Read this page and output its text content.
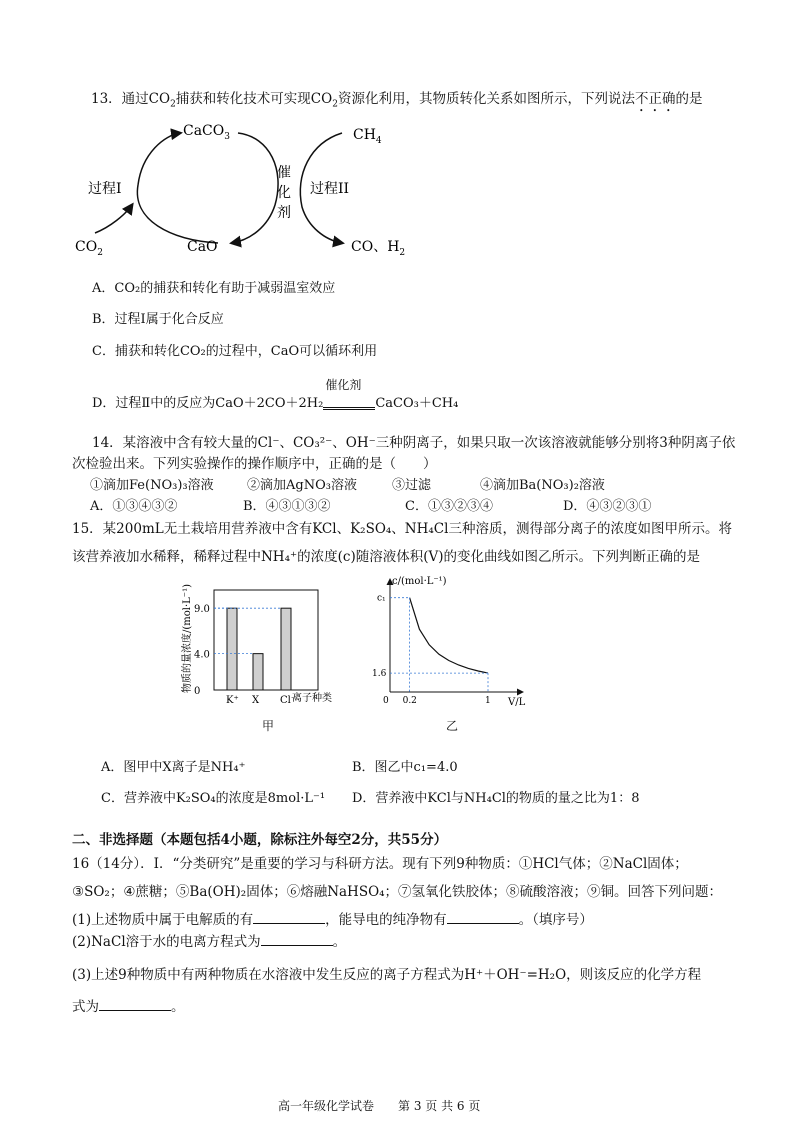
13．通过$CO_2$捕获和转化技术可实现$CO_2$资源化利用，其物质转化关系如图所示，下列说法不正确的是
CaCO$_3$	$CH_4$
过程I
催
化
剂
过程II
$CO_2$	CaO	CO、$H_2$
A．CO₂的捕获和转化有助于减弱温室效应
B．过程Ⅰ属于化合反应
C．捕获和转化CO₂的过程中，CaO可以循环利用
D．过程Ⅱ中的反应为CaO＋2CO＋2H₂
催化剂
CaCO₃＋CH₄
14．某溶液中含有较大量的Cl⁻、CO₃²⁻、OH⁻三种阴离子，如果只取一次该溶液就能够分别将3种阴离子依
次检验出来。下列实验操作的操作顺序中，正确的是（　　）
①滴加Fe(NO₃)₃溶液	②滴加AgNO₃溶液	③过滤	④滴加Ba(NO₃)₂溶液
A．①③④③②	B．④③①③②	C．①③②③④	D．④③②③①
15．某200mL无土栽培用营养液中含有KCl、K₂SO₄、NH₄Cl三种溶质，测得部分离子的浓度如图甲所示。将
该营养液加水稀释，稀释过程中NH₄⁺的浓度(c)随溶液体积(V)的变化曲线如图乙所示。下列判断正确的是
物质的量浓度/(mol·L⁻¹) 0
4.0
9.0
K⁺ X Cl⁻
离子种类
甲
c/(mol·L⁻¹)
V/L
c₁
1.6
0 0.2	1
乙
A．图甲中X离子是NH₄⁺	B．图乙中c₁=4.0
C．营养液中K₂SO₄的浓度是8mol·L⁻¹ D．营养液中KCl与NH₄Cl的物质的量之比为1：8
二、非选择题（本题包括4小题，除标注外每空2分，共55分）
16（14分）．Ⅰ．“分类研究”是重要的学习与科研方法。现有下列9种物质：①HCl气体；②NaCl固体；
③SO₂；④蔗糖；⑤Ba(OH)₂固体；⑥熔融NaHSO₄；⑦氢氧化铁胶体；⑧硫酸溶液；⑨铜。回答下列问题：
(1)上述物质中属于电解质的有	，能导电的纯净物有	。（填序号）
(2)NaCl溶于水的电离方程式为	。
(3)上述9种物质中有两种物质在水溶液中发生反应的离子方程式为H⁺＋OH⁻=H₂O，则该反应的化学方程
式为	。
高一年级化学试卷　　第 3 页 共 6 页
